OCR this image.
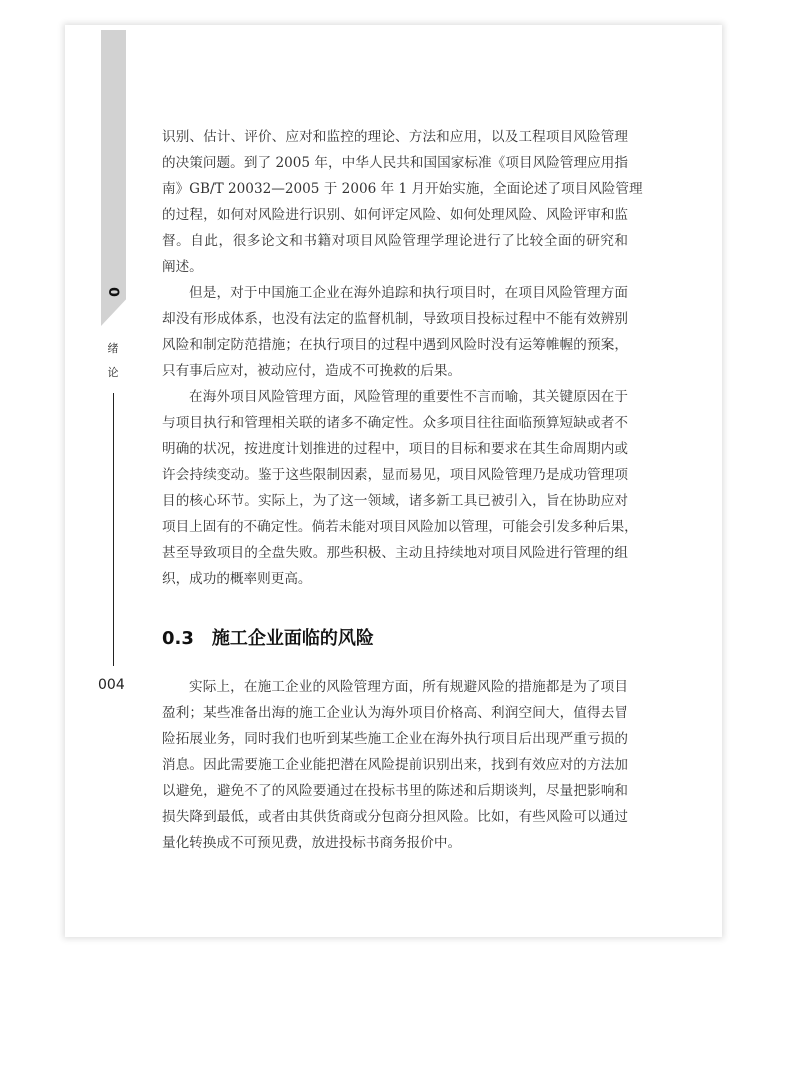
0
绪
论
004
识别、估计、评价、应对和监控的理论、方法和应用，以及工程项目风险管理
的决策问题。到了 2005 年，中华人民共和国国家标准《项目风险管理应用指
南》GB/T 20032—2005 于 2006 年 1 月开始实施，全面论述了项目风险管理
的过程，如何对风险进行识别、如何评定风险、如何处理风险、风险评审和监
督。自此，很多论文和书籍对项目风险管理学理论进行了比较全面的研究和
阐述。
但是，对于中国施工企业在海外追踪和执行项目时，在项目风险管理方面
却没有形成体系，也没有法定的监督机制，导致项目投标过程中不能有效辨别
风险和制定防范措施；在执行项目的过程中遇到风险时没有运筹帷幄的预案，
只有事后应对，被动应付，造成不可挽救的后果。
在海外项目风险管理方面，风险管理的重要性不言而喻，其关键原因在于
与项目执行和管理相关联的诸多不确定性。众多项目往往面临预算短缺或者不
明确的状况，按进度计划推进的过程中，项目的目标和要求在其生命周期内或
许会持续变动。鉴于这些限制因素，显而易见，项目风险管理乃是成功管理项
目的核心环节。实际上，为了这一领域，诸多新工具已被引入，旨在协助应对
项目上固有的不确定性。倘若未能对项目风险加以管理，可能会引发多种后果，
甚至导致项目的全盘失败。那些积极、主动且持续地对项目风险进行管理的组
织，成功的概率则更高。
实际上，在施工企业的风险管理方面，所有规避风险的措施都是为了项目
盈利；某些准备出海的施工企业认为海外项目价格高、利润空间大，值得去冒
险拓展业务，同时我们也听到某些施工企业在海外执行项目后出现严重亏损的
消息。因此需要施工企业能把潜在风险提前识别出来，找到有效应对的方法加
以避免，避免不了的风险要通过在投标书里的陈述和后期谈判，尽量把影响和
损失降到最低，或者由其供货商或分包商分担风险。比如，有些风险可以通过
量化转换成不可预见费，放进投标书商务报价中。
0.3 施工企业面临的风险
